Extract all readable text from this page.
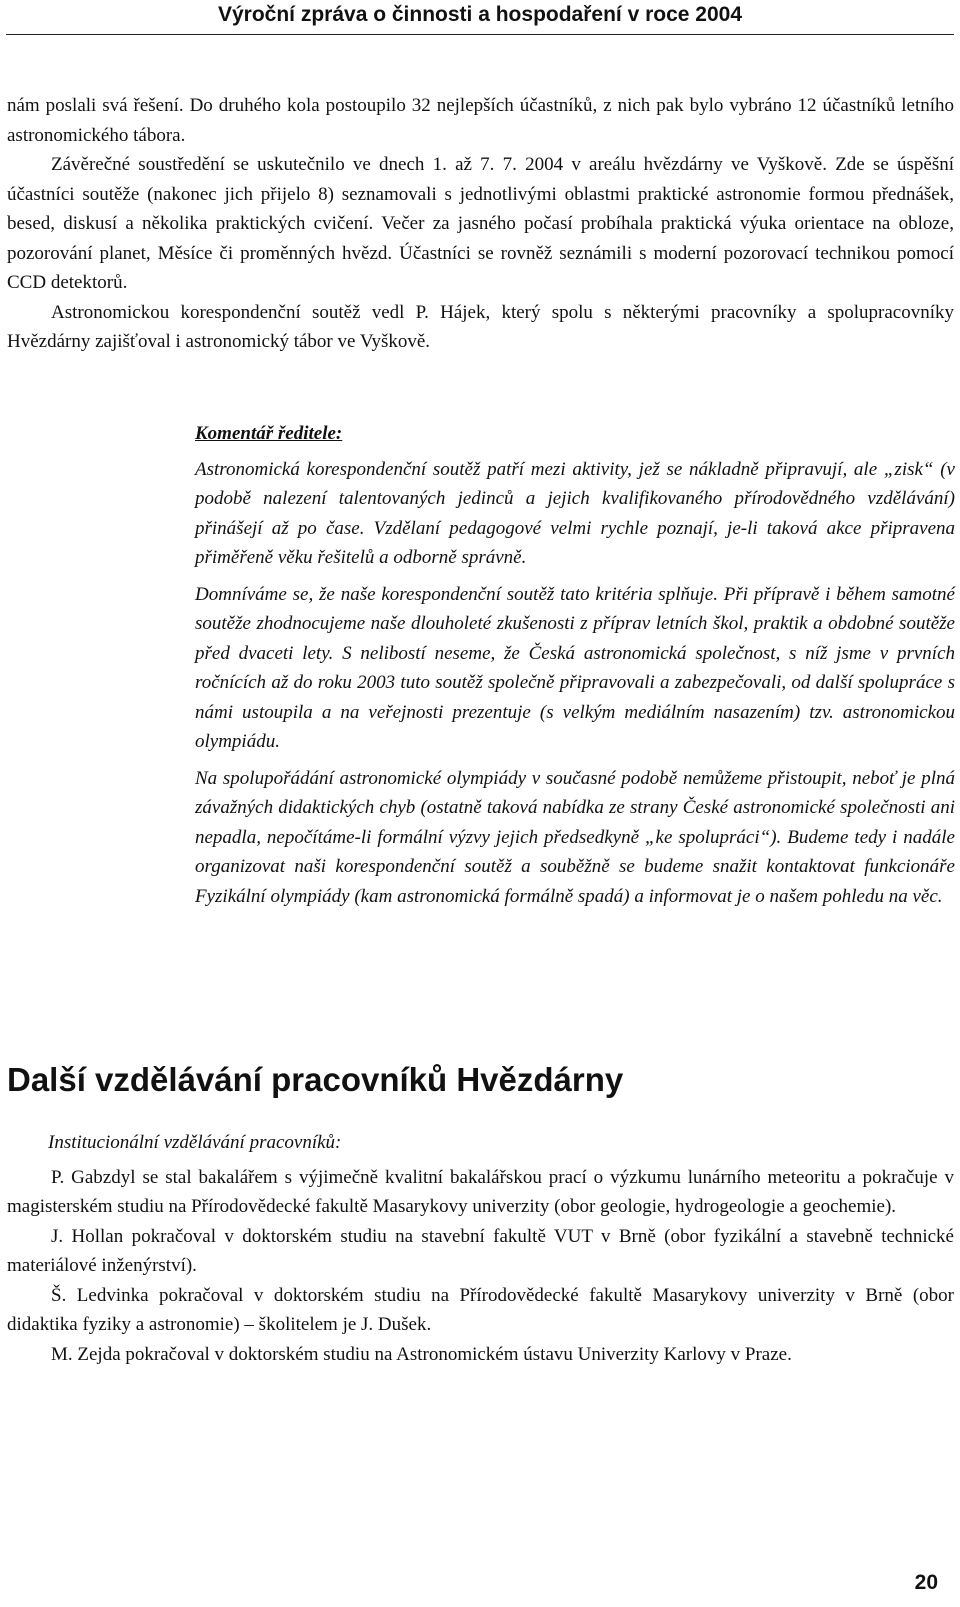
Výroční zpráva o činnosti a hospodaření v roce 2004

nám poslali svá řešení. Do druhého kola postoupilo 32 nejlepších účastníků, z nich pak bylo vybráno 12 účastníků letního astronomického tábora.

Závěrečné soustředění se uskutečnilo ve dnech 1. až 7. 7. 2004 v areálu hvězdárny ve Vyškově. Zde se úspěšní účastníci soutěže (nakonec jich přijelo 8) seznamovali s jednotlivými oblastmi praktické astronomie formou přednášek, besed, diskusí a několika praktických cvičení. Večer za jasného počasí probíhala praktická výuka orientace na obloze, pozorování planet, Měsíce či proměnných hvězd. Účastníci se rovněž seznámili s moderní pozorovací technikou pomocí CCD detektorů.

Astronomickou korespondenční soutěž vedl P. Hájek, který spolu s některými pracovníky a spolupracovníky Hvězdárny zajišťoval i astronomický tábor ve Vyškově.

Komentář ředitele:

Astronomická korespondenční soutěž patří mezi aktivity, jež se nákladně připravují, ale „zisk“ (v podobě nalezení talentovaných jedinců a jejich kvalifikovaného přírodovědného vzdělávání) přinášejí až po čase. Vzdělaní pedagogové velmi rychle poznají, je-li taková akce připravena přiměřeně věku řešitelů a odborně správně.

Domníváme se, že naše korespondenční soutěž tato kritéria splňuje. Při přípravě i během samotné soutěže zhodnocujeme naše dlouholeté zkušenosti z příprav letních škol, praktik a obdobné soutěže před dvaceti lety. S nelibostí neseme, že Česká astronomická společnost, s níž jsme v prvních ročnících až do roku 2003 tuto soutěž společně připravovali a zabezpečovali, od další spolupráce s námi ustoupila a na veřejnosti prezentuje (s velkým mediálním nasazením) tzv. astronomickou olympiádu.

Na spolupořádání astronomické olympiády v současné podobě nemůžeme přistoupit, neboť je plná závažných didaktických chyb (ostatně taková nabídka ze strany České astronomické společnosti ani nepadla, nepočítáme-li formální výzvy jejich předsedkyně „ke spolupráci“). Budeme tedy i nadále organizovat naši korespondenční soutěž a souběžně se budeme snažit kontaktovat funkcionáře Fyzikální olympiády (kam astronomická formálně spadá) a informovat je o našem pohledu na věc.

Další vzdělávání pracovníků Hvězdárny

Institucionální vzdělávání pracovníků:

P. Gabzdyl se stal bakalářem s výjimečně kvalitní bakalářskou prací o výzkumu lunárního meteoritu a pokračuje v magisterském studiu na Přírodovědecké fakultě Masarykovy univerzity (obor geologie, hydrogeologie a geochemie).

J. Hollan pokračoval v doktorském studiu na stavební fakultě VUT v Brně (obor fyzikální a stavebně technické materiálové inženýrství).

Š. Ledvinka pokračoval v doktorském studiu na Přírodovědecké fakultě Masarykovy univerzity v Brně (obor didaktika fyziky a astronomie) – školitelem je J. Dušek.

M. Zejda pokračoval v doktorském studiu na Astronomickém ústavu Univerzity Karlovy v Praze.

20
